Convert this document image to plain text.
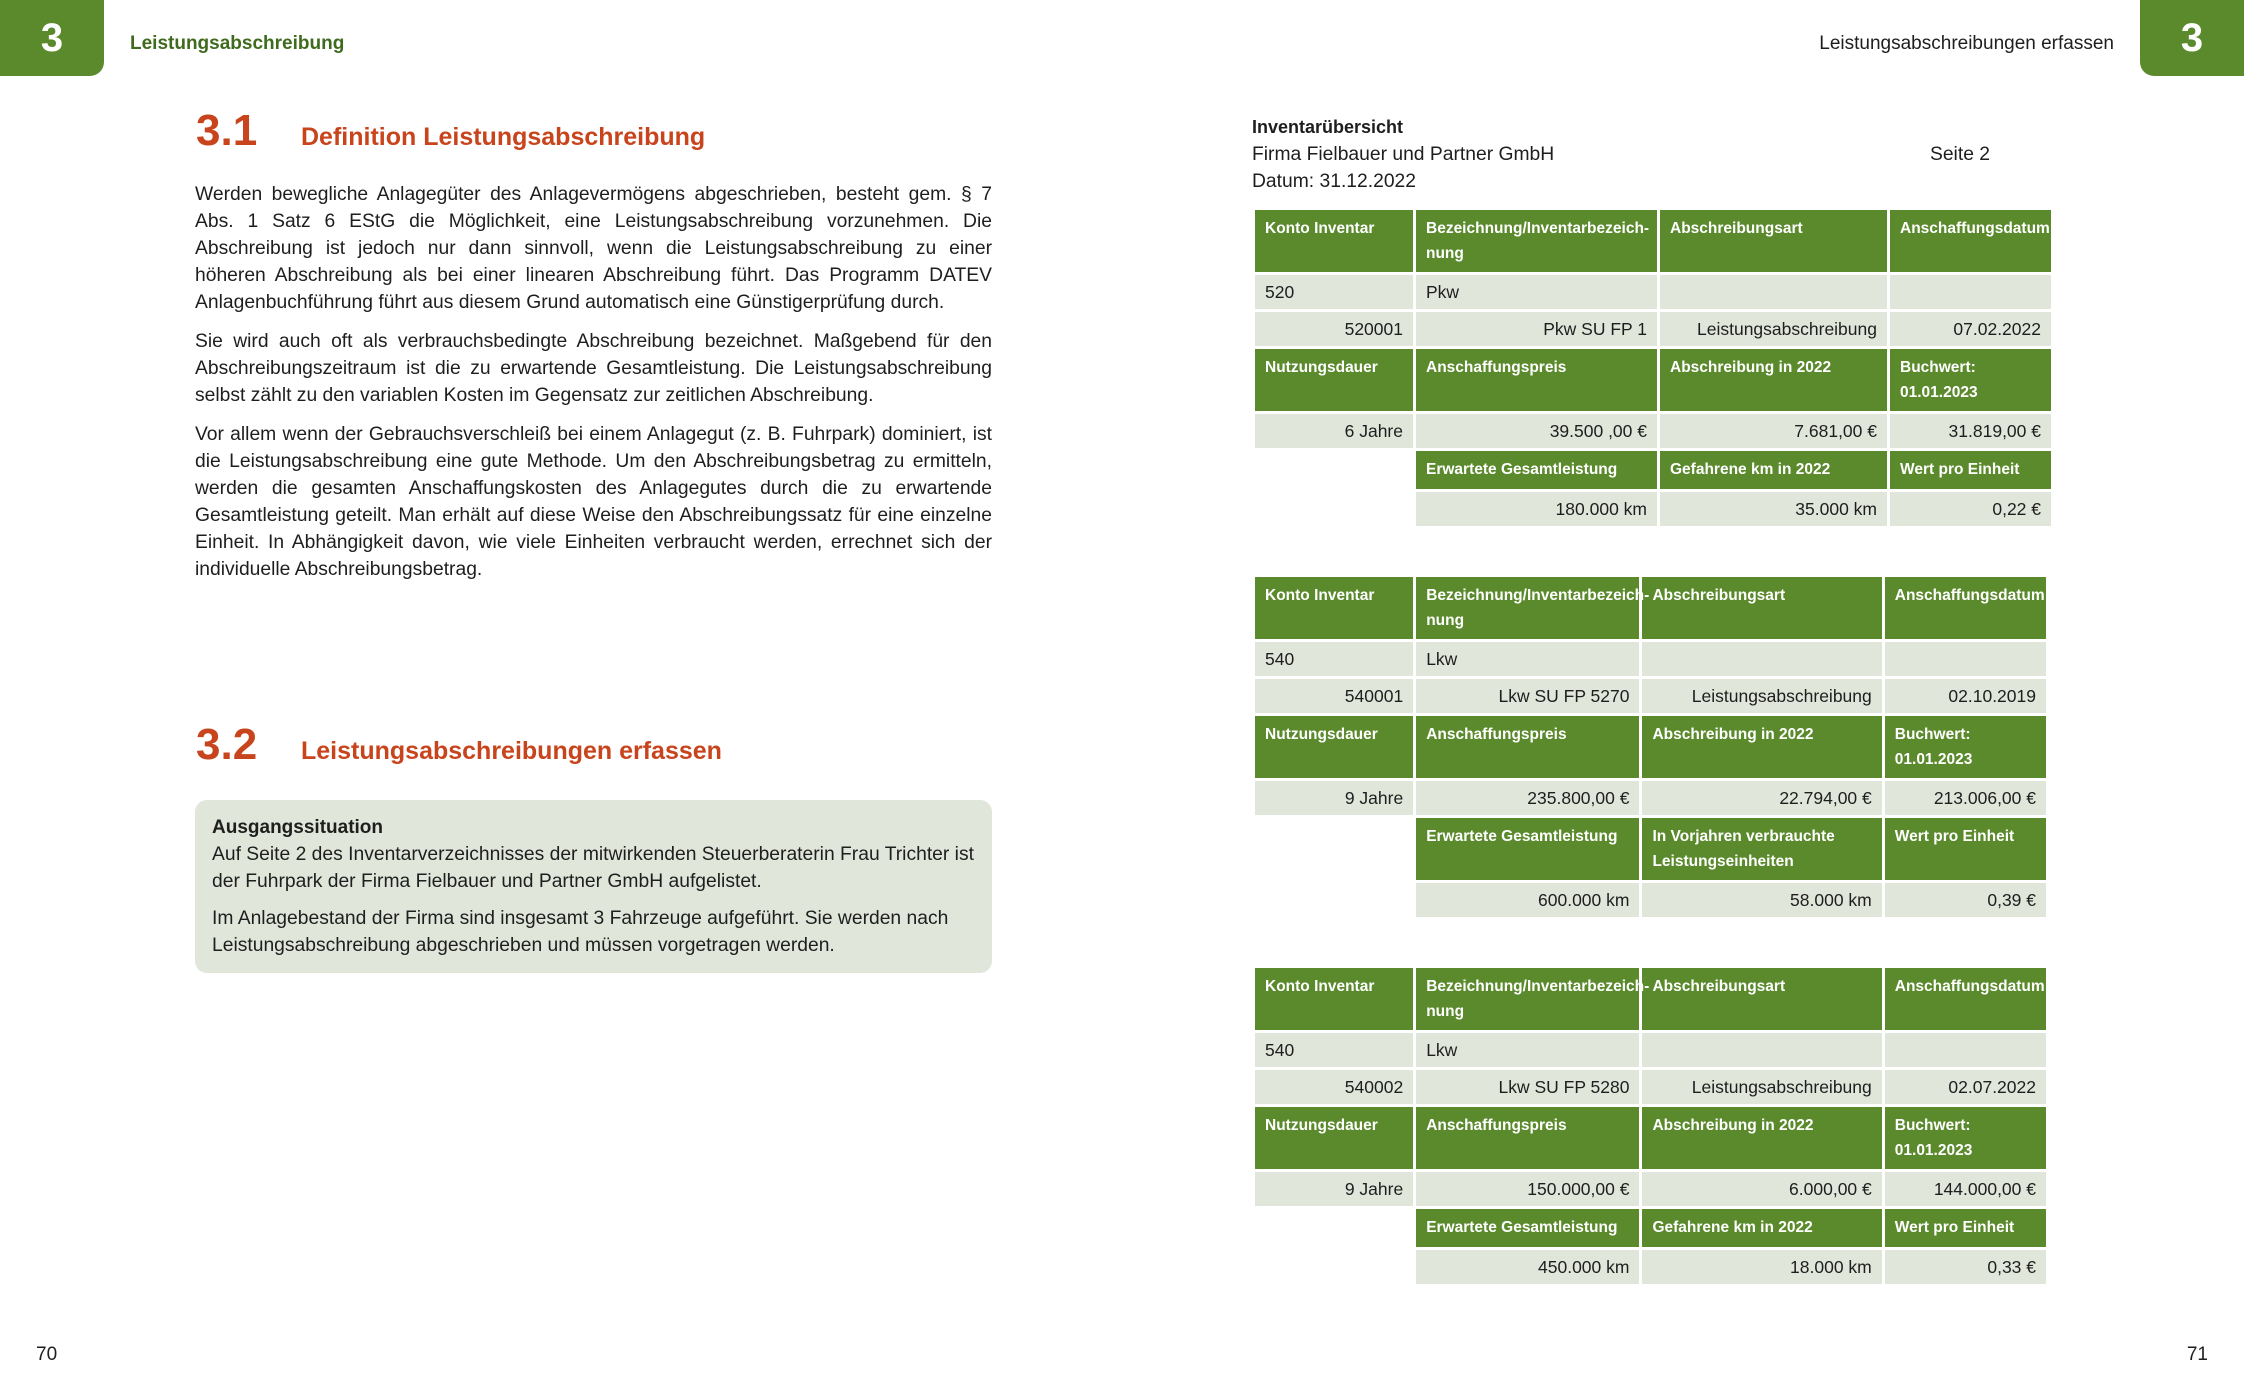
3	Leistungsabschreibung	Leistungsabschreibungen erfassen	3
3.1	Definition Leistungsabschreibung

Werden bewegliche Anlagegüter des Anlagevermögens abgeschrieben, besteht gem. § 7 Abs. 1 Satz 6 EStG die Möglichkeit, eine Leistungsabschreibung vorzunehmen. Die Abschreibung ist jedoch nur dann sinnvoll, wenn die Leistungsabschreibung zu einer höheren Abschreibung als bei einer linearen Abschreibung führt. Das Programm DATEV Anlagenbuchführung führt aus diesem Grund automatisch eine Günstigerprüfung durch.

Sie wird auch oft als verbrauchsbedingte Abschreibung bezeichnet. Maßgebend für den Abschreibungszeitraum ist die zu erwartende Gesamtleistung. Die Leistungsabschreibung selbst zählt zu den variablen Kosten im Gegensatz zur zeitlichen Abschreibung.

Vor allem wenn der Gebrauchsverschleiß bei einem Anlagegut (z. B. Fuhrpark) dominiert, ist die Leistungsabschreibung eine gute Methode. Um den Abschreibungsbetrag zu ermitteln, werden die gesamten Anschaffungskosten des Anlagegutes durch die zu erwartende Gesamtleistung geteilt. Man erhält auf diese Weise den Abschreibungssatz für eine einzelne Einheit. In Abhängigkeit davon, wie viele Einheiten verbraucht werden, errechnet sich der individuelle Abschreibungsbetrag.

3.2	Leistungsabschreibungen erfassen
Ausgangssituation

Auf Seite 2 des Inventarverzeichnisses der mitwirkenden Steuerberaterin Frau Trichter ist der Fuhrpark der Firma Fielbauer und Partner GmbH aufgelistet.

Im Anlagebestand der Firma sind insgesamt 3 Fahrzeuge aufgeführt. Sie werden nach Leistungsabschreibung abgeschrieben und müssen vorgetragen werden.

70
Inventarübersicht
Firma Fielbauer und Partner GmbH	Seite 2
Datum: 31.12.2022
Konto Inventar	Bezeichnung/Inventarbezeichnung	Abschreibungsart	Anschaffungsdatum
520	Pkw		
520001	Pkw SU FP 1	Leistungsabschreibung	07.02.2022
Nutzungsdauer	Anschaffungspreis	Abschreibung in 2022	Buchwert: 01.01.2023
6 Jahre	39.500 ,00 €	7.681,00 €	31.819,00 €
	Erwartete Gesamtleistung	Gefahrene km in 2022	Wert pro Einheit
	180.000 km	35.000 km	0,22 €
Konto Inventar	Bezeichnung/Inventarbezeichnung	Abschreibungsart	Anschaffungsdatum
540	Lkw		
540001	Lkw SU FP 5270	Leistungsabschreibung	02.10.2019
Nutzungsdauer	Anschaffungspreis	Abschreibung in 2022	Buchwert: 01.01.2023
9 Jahre	235.800,00 €	22.794,00 €	213.006,00 €
	Erwartete Gesamtleistung	In Vorjahren verbrauchte Leistungseinheiten	Wert pro Einheit
	600.000 km	58.000 km	0,39 €
Konto Inventar	Bezeichnung/Inventarbezeichnung	Abschreibungsart	Anschaffungsdatum
540	Lkw		
540002	Lkw SU FP 5280	Leistungsabschreibung	02.07.2022
Nutzungsdauer	Anschaffungspreis	Abschreibung in 2022	Buchwert: 01.01.2023
9 Jahre	150.000,00 €	6.000,00 €	144.000,00 €
	Erwartete Gesamtleistung	Gefahrene km in 2022	Wert pro Einheit
	450.000 km	18.000 km	0,33 €
71
